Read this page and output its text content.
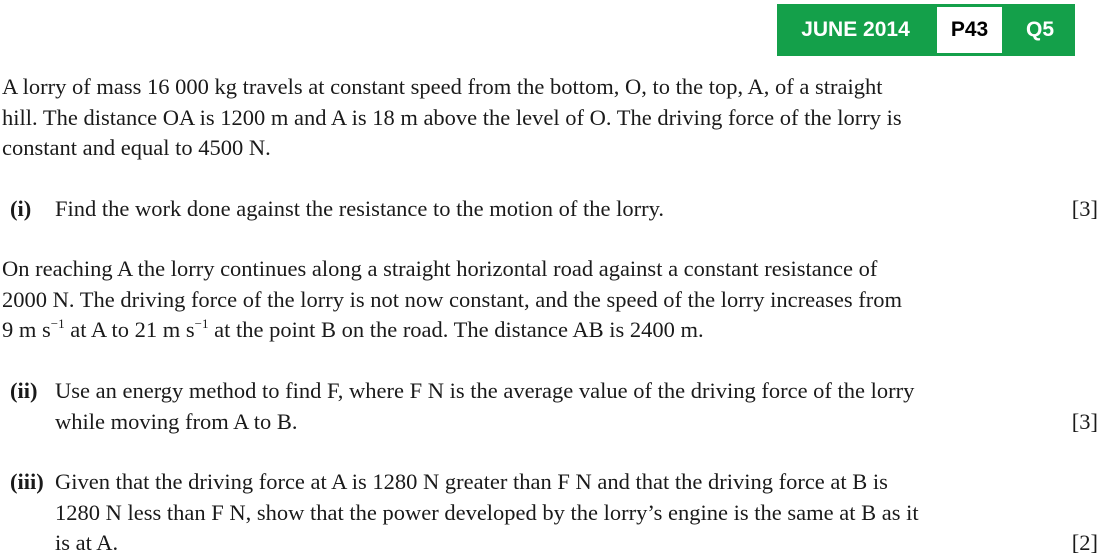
JUNE 2014	P43	Q5

A lorry of mass 16 000 kg travels at constant speed from the bottom, O, to the top, A, of a straight

hill. The distance OA is 1200 m and A is 18 m above the level of O. The driving force of the lorry is

constant and equal to 4500 N.

(i) Find the work done against the resistance to the motion of the lorry.	[3]

On reaching A the lorry continues along a straight horizontal road against a constant resistance of

2000 N. The driving force of the lorry is not now constant, and the speed of the lorry increases from

9 m $s^{-1}$ at A to 21 m $s^{-1}$ at the point B on the road. The distance AB is 2400 m.

(ii) Use an energy method to find F, where F N is the average value of the driving force of the lorry
while moving from A to B.	[3]
(iii) Given that the driving force at A is 1280 N greater than F N and that the driving force at B is
1280 N less than F N, show that the power developed by the lorry’s engine is the same at B as it
is at A.	[2]
